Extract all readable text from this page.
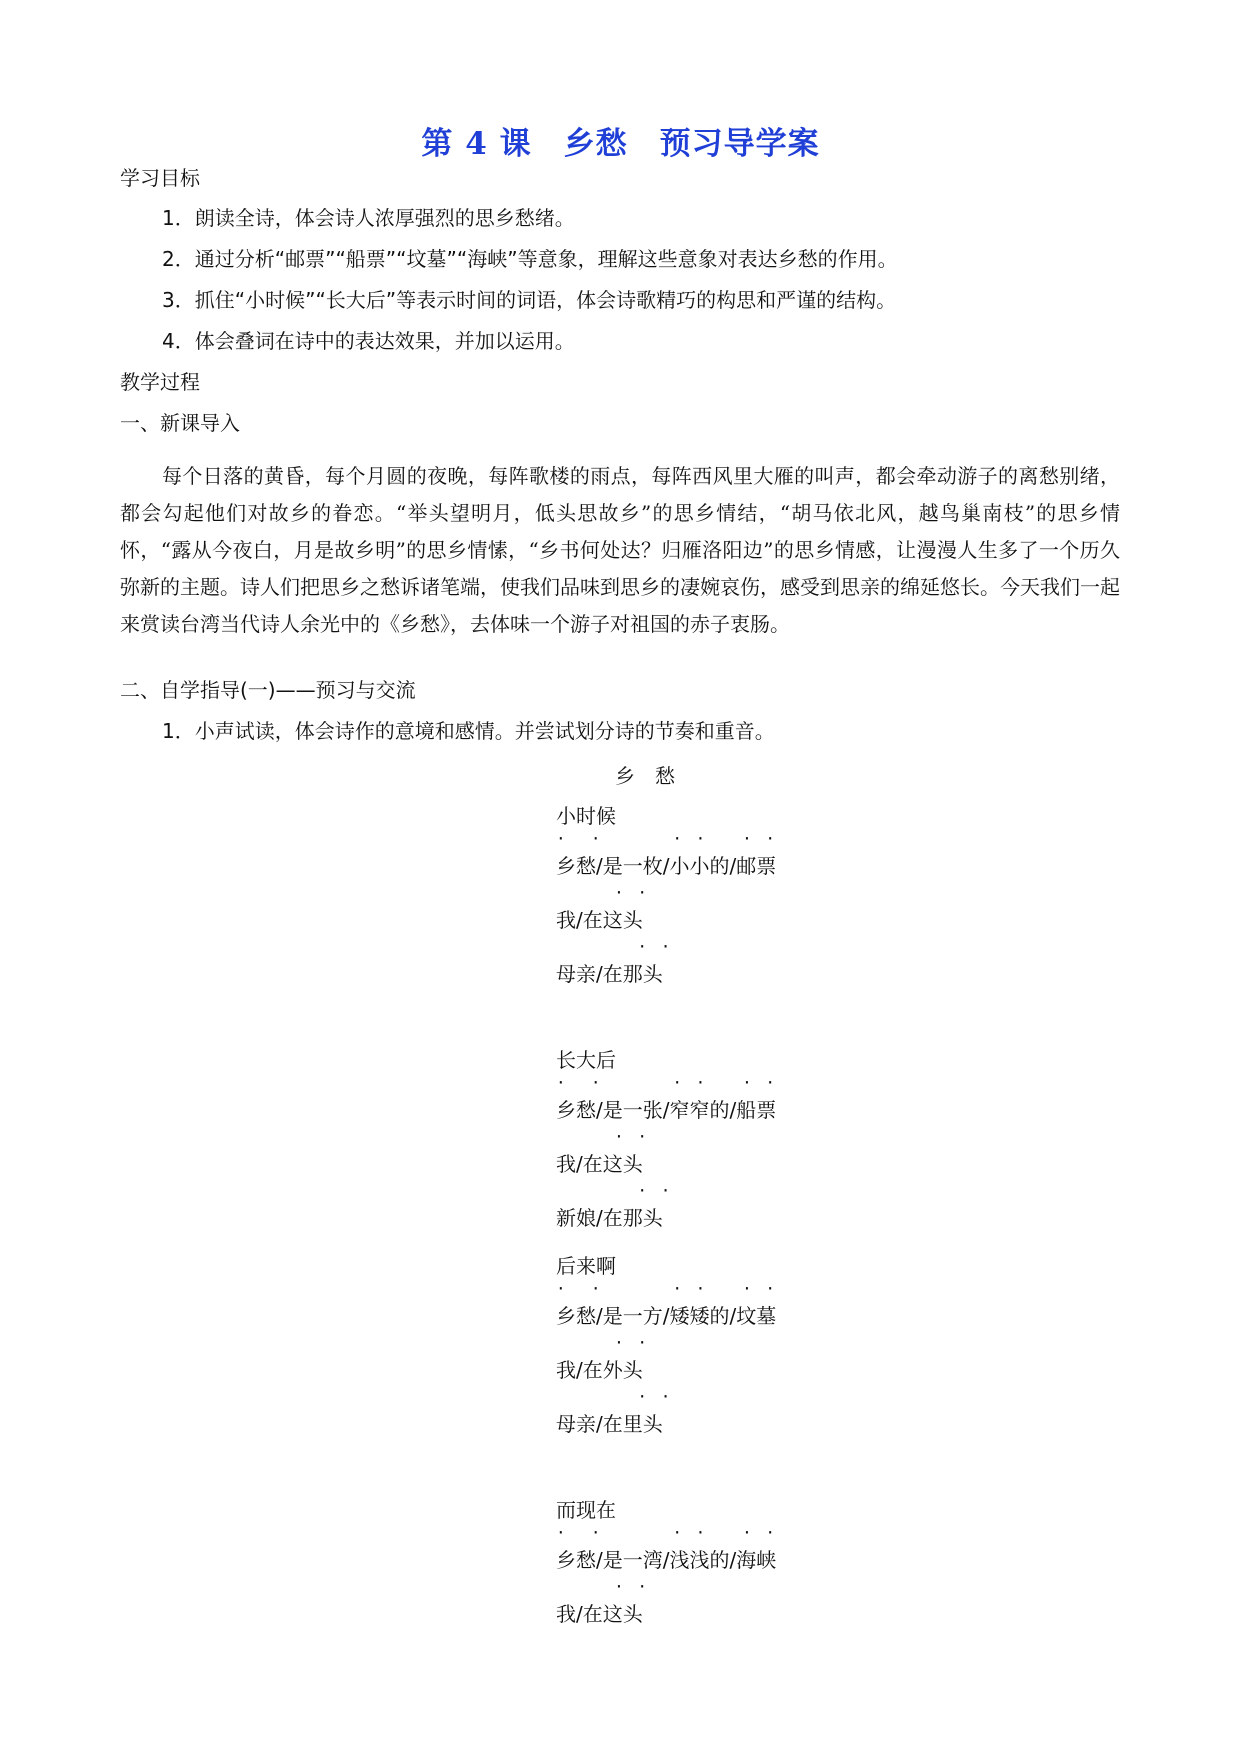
第 4 课　乡愁　预习导学案
学习目标
1．朗读全诗，体会诗人浓厚强烈的思乡愁绪。
2．通过分析“邮票”“船票”“坟墓”“海峡”等意象，理解这些意象对表达乡愁的作用。
3．抓住“小时候”“长大后”等表示时间的词语，体会诗歌精巧的构思和严谨的结构。
4．体会叠词在诗中的表达效果，并加以运用。
教学过程
一、新课导入
每个日落的黄昏，每个月圆的夜晚，每阵歌楼的雨点，每阵西风里大雁的叫声，都会牵动游子的离愁别绪，都会勾起他们对故乡的眷恋。“举头望明月，低头思故乡”的思乡情结，“胡马依北风，越鸟巢南枝”的思乡情怀，“露从今夜白，月是故乡明”的思乡情愫，“乡书何处达？归雁洛阳边”的思乡情感，让漫漫人生多了一个历久弥新的主题。诗人们把思乡之愁诉诸笔端，使我们品味到思乡的凄婉哀伤，感受到思亲的绵延悠长。今天我们一起来赏读台湾当代诗人余光中的《乡愁》，去体味一个游子对祖国的赤子衷肠。
二、自学指导(一)——预习与交流
1．小声试读，体会诗作的意境和感情。并尝试划分诗的节奏和重音。
乡愁
小时候
·  ·      · ·   · ·
乡愁/是一枚/小小的/邮票
· ·
我/在这头
· ·
母亲/在那头
长大后
·  ·      · ·   · ·
乡愁/是一张/窄窄的/船票
· ·
我/在这头
· ·
新娘/在那头
后来啊
·  ·      · ·   · ·
乡愁/是一方/矮矮的/坟墓
· ·
我/在外头
· ·
母亲/在里头
而现在
·  ·      · ·   · ·
乡愁/是一湾/浅浅的/海峡
· ·
我/在这头
